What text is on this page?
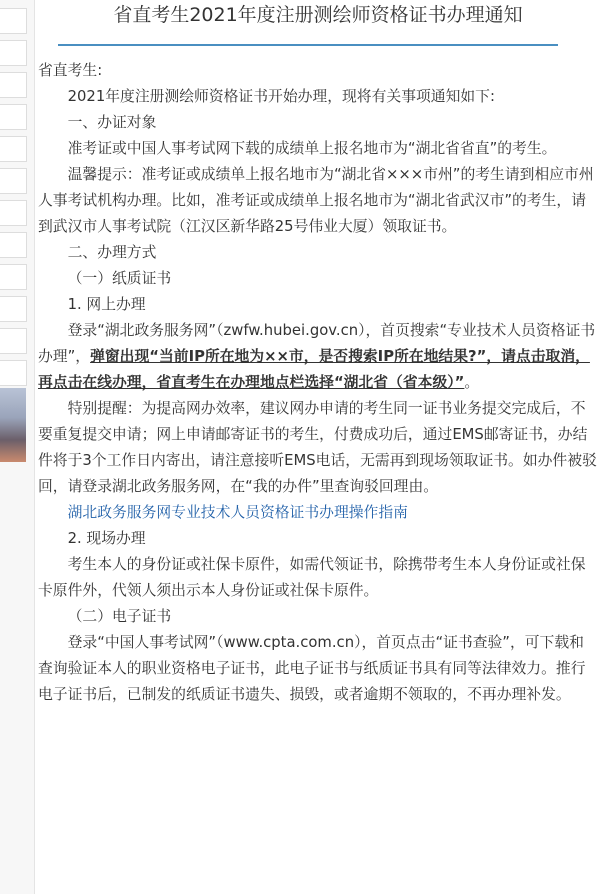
省直考生2021年度注册测绘师资格证书办理通知

省直考生:

2021年度注册测绘师资格证书开始办理，现将有关事项通知如下:

一、办证对象

准考证或中国人事考试网下载的成绩单上报名地市为“湖北省省直”的考生。

温馨提示：准考证或成绩单上报名地市为“湖北省×××市州”的考生请到相应市州人事考试机构办理。比如，准考证或成绩单上报名地市为“湖北省武汉市”的考生，请到武汉市人事考试院（江汉区新华路25号伟业大厦）领取证书。

二、办理方式

（一）纸质证书

1. 网上办理

登录“湖北政务服务网”（zwfw.hubei.gov.cn），首页搜索“专业技术人员资格证书办理”，弹窗出现“当前IP所在地为××市，是否搜索IP所在地结果?”，请点击取消，再点击在线办理，省直考生在办理地点栏选择“湖北省（省本级）”。

特别提醒：为提高网办效率，建议网办申请的考生同一证书业务提交完成后，不要重复提交申请；网上申请邮寄证书的考生，付费成功后，通过EMS邮寄证书，办结件将于3个工作日内寄出，请注意接听EMS电话，无需再到现场领取证书。如办件被驳回，请登录湖北政务服务网，在“我的办件”里查询驳回理由。

湖北政务服务网专业技术人员资格证书办理操作指南

2. 现场办理

考生本人的身份证或社保卡原件，如需代领证书，除携带考生本人身份证或社保卡原件外，代领人须出示本人身份证或社保卡原件。

（二）电子证书

登录“中国人事考试网”（www.cpta.com.cn），首页点击“证书查验”，可下载和查询验证本人的职业资格电子证书，此电子证书与纸质证书具有同等法律效力。推行电子证书后，已制发的纸质证书遗失、损毁，或者逾期不领取的，不再办理补发。
